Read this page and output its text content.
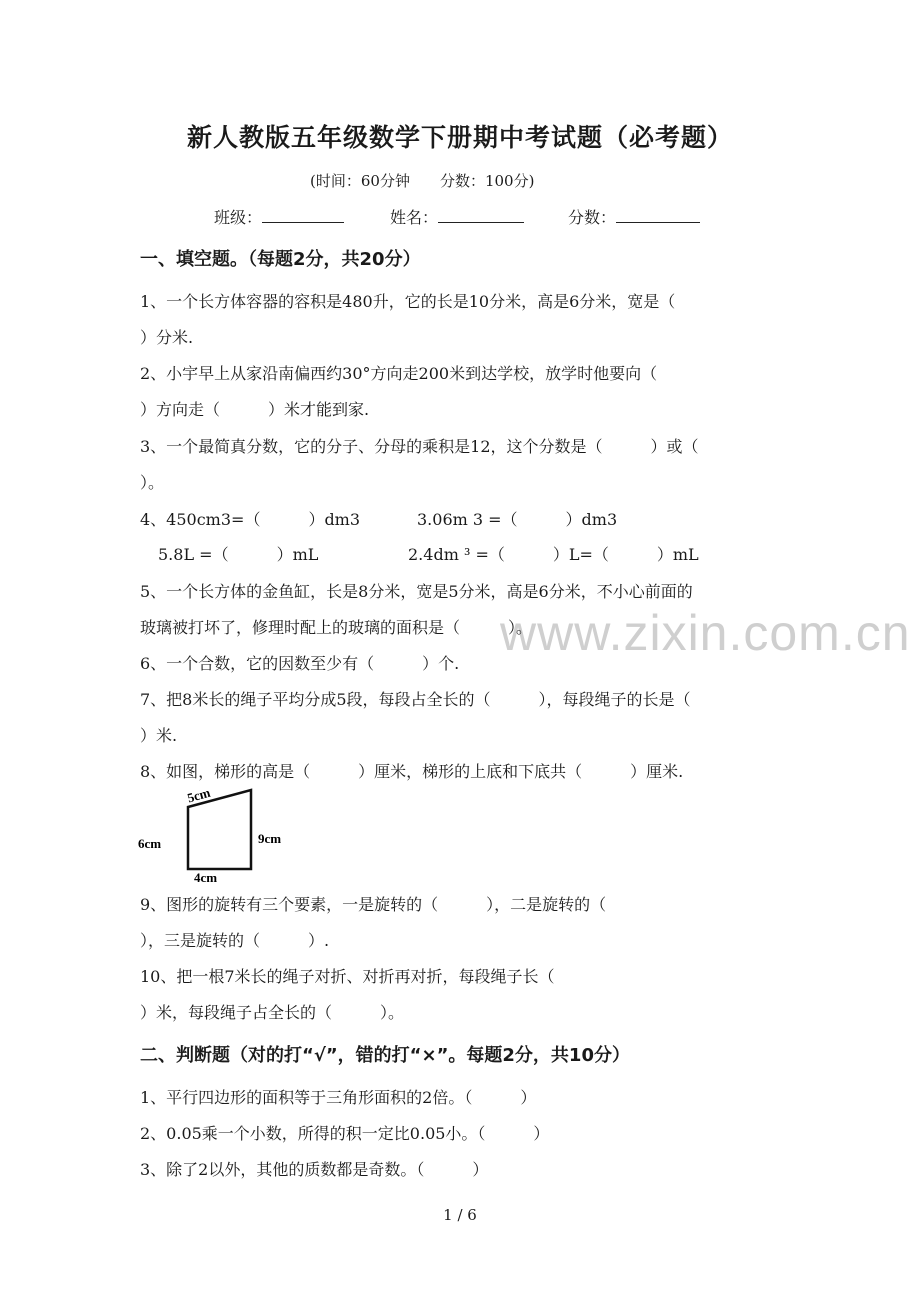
www.zixin.com.cn
新人教版五年级数学下册期中考试题（必考题）
(时间：60分钟　　分数：100分)
班级：	姓名：	分数：
一、填空题。（每题2分，共20分）
1、一个长方体容器的容积是480升，它的长是10分米，高是6分米，宽是（
）分米.
2、小宇早上从家沿南偏西约30°方向走200米到达学校，放学时他要向（
）方向走（　　　）米才能到家.
3、一个最简真分数，它的分子、分母的乘积是12，这个分数是（　　　）或（
）。
4、450cm3=（　　　）dm3	3.06m 3 =（　　　）dm3
5.8L =（　　　）mL	2.4dm ³ =（　　　）L=（　　　）mL
5、一个长方体的金鱼缸，长是8分米，宽是5分米，高是6分米，不小心前面的
玻璃被打坏了，修理时配上的玻璃的面积是（　　　）。
6、一个合数，它的因数至少有（　　　）个.
7、把8米长的绳子平均分成5段，每段占全长的（　　　），每段绳子的长是（
）米.
8、如图，梯形的高是（　　　）厘米，梯形的上底和下底共（　　　）厘米.
5cm
6cm	9cm
4cm
9、图形的旋转有三个要素，一是旋转的（　　　），二是旋转的（
），三是旋转的（　　　）.
10、把一根7米长的绳子对折、对折再对折，每段绳子长（
）米，每段绳子占全长的（　　　）。
二、判断题（对的打“√”，错的打“×”。每题2分，共10分）
1、平行四边形的面积等于三角形面积的2倍。（　　　）
2、0.05乘一个小数，所得的积一定比0.05小。（　　　）
3、除了2以外，其他的质数都是奇数。（　　　）
1 / 6
